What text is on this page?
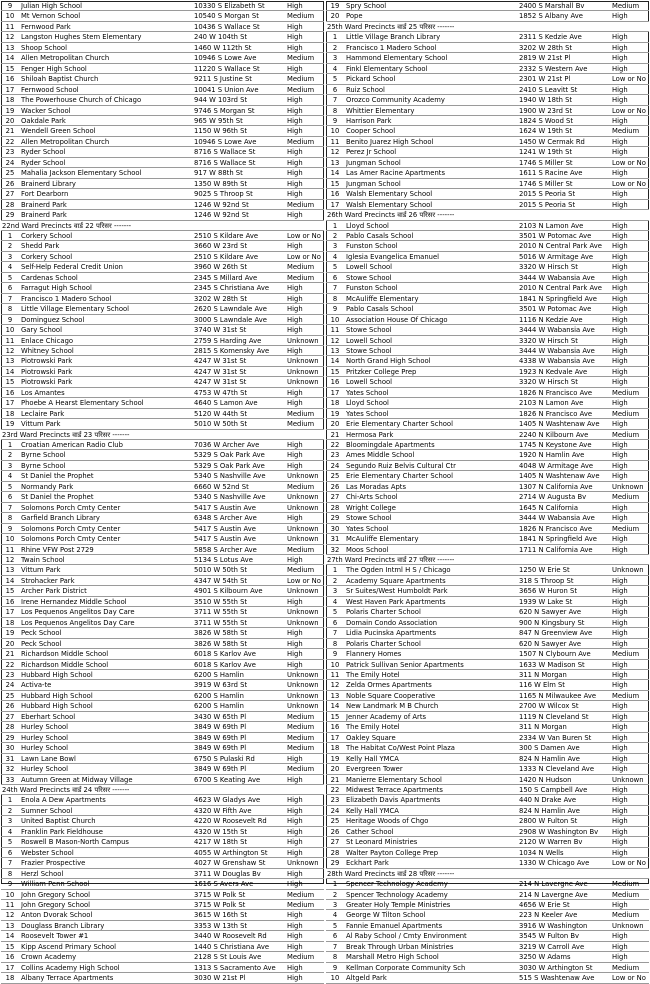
9	Julian High School	10330 S Elizabeth St	High
10 Mt Vernon School	10540 S Morgan St	Medium
11 Fernwood Park	10436 S Wallace St	High
12 Langston Hughes Stem Elementary	240 W 104th St	High
13 Shoop School	1460 W 112th St	High
14 Allen Metropolitan Church	10946 S Lowe Ave	Medium
15 Fenger High School	11220 S Wallace St	High
16 Shiloah Baptist Church	9211 S Justine St	Medium
17 Fernwood School	10041 S Union Ave	Medium
18 The Powerhouse Church of Chicago	944 W 103rd St	High
19 Wacker School	9746 S Morgan St	High
20 Oakdale Park	965 W 95th St	High
21 Wendell Green School	1150 W 96th St	High
22 Allen Metropolitan Church	10946 S Lowe Ave	Medium
23 Ryder School	8716 S Wallace St	High
24 Ryder School	8716 S Wallace St	High
25 Mahalia Jackson Elementary School	917 W 88th St	High
26 Brainerd Library	1350 W 89th St	High
27 Fort Dearborn	9025 S Throop St	High
28 Brainerd Park	1246 W 92nd St	Medium
29 Brainerd Park	1246 W 92nd St	High
22nd Ward Precincts वार्ड 22 परिसर -------
1	Corkery School	2510 S Kildare Ave	Low or No
2	Shedd Park	3660 W 23rd St	High
3	Corkery School	2510 S Kildare Ave	Low or No
4	Self-Help Federal Credit Union	3960 W 26th St	Medium
5	Cardenas School	2345 S Millard Ave	Medium
6	Farragut High School	2345 S Christiana Ave	High
7	Francisco 1 Madero School	3202 W 28th St	High
8	Little Village Elementary School	2620 S Lawndale Ave	High
9	Dominguez School	3000 S Lawndale Ave	High
10 Gary School	3740 W 31st St	High
11 Enlace Chicago	2759 S Harding Ave	Unknown
12 Whitney School	2815 S Komensky Ave	High
13 Piotrowski Park	4247 W 31st St	Unknown
14 Piotrowski Park	4247 W 31st St	Unknown
15 Piotrowski Park	4247 W 31st St	Unknown
16 Los Amantes	4753 W 47th St	High
17 Phoebe A Hearst Elementary School	4640 S Lamon Ave	High
18 Leclaire Park	5120 W 44th St	Medium
19 Vittum Park	5010 W 50th St	Medium
23rd Ward Precincts वार्ड 23 परिसर -------
1	Croatian American Radio Club	7036 W Archer Ave	High
2	Byrne School	5329 S Oak Park Ave	High
3	Byrne School	5329 S Oak Park Ave	High
4	St Daniel the Prophet	5340 S Nashville Ave	Unknown
5	Normandy Park	6660 W 52nd St	Medium
6	St Daniel the Prophet	5340 S Nashville Ave	Unknown
7	Solomons Porch Cmty Center	5417 S Austin Ave	Unknown
8	Garfield Branch Library	6348 S Archer Ave	High
9	Solomons Porch Cmty Center	5417 S Austin Ave	Unknown
10 Solomons Porch Cmty Center	5417 S Austin Ave	Unknown
11 Rhine VFW Post 2729	5858 S Archer Ave	Medium
12 Twain School	5134 S Lotus Ave	High
13 Vittum Park	5010 W 50th St	Medium
14 Strohacker Park	4347 W 54th St	Low or No
15 Archer Park District	4901 S Kilbourn Ave	Unknown
16 Irene Hernandez Middle School	3510 W 55th St	High
17 Los Pequenos Angelitos Day Care	3711 W 55th St	Unknown
18 Los Pequenos Angelitos Day Care	3711 W 55th St	Unknown
19 Peck School	3826 W 58th St	High
20 Peck School	3826 W 58th St	High
21 Richardson Middle School	6018 S Karlov Ave	High
22 Richardson Middle School	6018 S Karlov Ave	High
23 Hubbard High School	6200 S Hamlin	Unknown
24 Activa-te	3919 W 63rd St	Unknown
25 Hubbard High School	6200 S Hamlin	Unknown
26 Hubbard High School	6200 S Hamlin	Unknown
27 Eberhart School	3430 W 65th Pl	Medium
28 Hurley School	3849 W 69th Pl	Medium
29 Hurley School	3849 W 69th Pl	Medium
30 Hurley School	3849 W 69th Pl	Medium
31 Lawn Lane Bowl	6750 S Pulaski Rd	High
32 Hurley School	3849 W 69th Pl	Medium
33 Autumn Green at Midway Village	6700 S Keating Ave	High
24th Ward Precincts वार्ड 24 परिसर -------
1	Enola A Dew Apartments	4623 W Gladys Ave	High
2	Sumner School	4320 W Fifth Ave	High
3	United Baptist Church	4220 W Roosevelt Rd	High
4	Franklin Park Fieldhouse	4320 W 15th St	High
5	Roswell B Mason-North Campus	4217 W 18th St	High
6	Webster School	4055 W Arthington St	High
7	Frazier Prospective	4027 W Grenshaw St	Unknown
8	Herzl School	3711 W Douglas Bv	High
9	William Penn School	1616 S Avers Ave	High
10 John Gregory School	3715 W Polk St	Medium
11 John Gregory School	3715 W Polk St	Medium
12 Anton Dvorak School	3615 W 16th St	High
13 Douglass Branch Library	3353 W 13th St	High
14 Roosevelt Tower #1	3440 W Roosevelt Rd	High
15 Kipp Ascend Primary School	1440 S Christiana Ave	High
16 Crown Academy	2128 S St Louis Ave	Medium
17 Collins Academy High School	1313 S Sacramento Ave	High
18 Albany Terrace Apartments	3030 W 21st Pl	High
19 Spry School	2400 S Marshall Bv	Medium
20 Pope	1852 S Albany Ave	High
25th Ward Precincts वार्ड 25 परिसर -------
1	Little Village Branch Library	2311 S Kedzie Ave	High
2	Francisco 1 Madero School	3202 W 28th St	High
3	Hammond Elementary School	2819 W 21st Pl	High
4	Finkl Elementary School	2332 S Western Ave	High
5	Pickard School	2301 W 21st Pl	Low or No
6	Ruiz School	2410 S Leavitt St	High
7	Orozco Community Academy	1940 W 18th St	High
8	Whittier Elementary	1900 W 23rd St	Low or No
9	Harrison Park	1824 S Wood St	High
10 Cooper School	1624 W 19th St	Medium
11 Benito Juarez High School	1450 W Cermak Rd	High
12 Perez Jr School	1241 W 19th St	High
13 Jungman School	1746 S Miller St	Low or No
14 Las Amer Racine Apartments	1611 S Racine Ave	High
15 Jungman School	1746 S Miller St	Low or No
16 Walsh Elementary School	2015 S Peoria St	High
17 Walsh Elementary School	2015 S Peoria St	High
26th Ward Precincts वार्ड 26 परिसर -------
1	Lloyd School	2103 N Lamon Ave	High
2	Pablo Casals School	3501 W Potomac Ave	High
3	Funston School	2010 N Central Park Ave	High
4	Iglesia Evangelica Emanuel	5016 W Armitage Ave	High
5	Lowell School	3320 W Hirsch St	High
6	Stowe School	3444 W Wabansia Ave	High
7	Funston School	2010 N Central Park Ave	High
8	McAuliffe Elementary	1841 N Springfield Ave	High
9	Pablo Casals School	3501 W Potomac Ave	High
10 Association House Of Chicago	1116 N Kedzie Ave	High
11 Stowe School	3444 W Wabansia Ave	High
12 Lowell School	3320 W Hirsch St	High
13 Stowe School	3444 W Wabansia Ave	High
14 North Grand High School	4338 W Wabansia Ave	High
15 Pritzker College Prep	1923 N Kedvale Ave	High
16 Lowell School	3320 W Hirsch St	High
17 Yates School	1826 N Francisco Ave	Medium
18 Lloyd School	2103 N Lamon Ave	High
19 Yates School	1826 N Francisco Ave	Medium
20 Erie Elementary Charter School	1405 N Washtenaw Ave	High
21 Hermosa Park	2240 N Kilbourn Ave	Medium
22 Bloomingdale Apartments	1745 N Keystone Ave	High
23 Ames Middle School	1920 N Hamlin Ave	High
24 Segundo Ruiz Belvis Cultural Ctr	4048 W Armitage Ave	High
25 Erie Elementary Charter School	1405 N Washtenaw Ave	High
26 Las Moradas Apts	1307 N California Ave	Unknown
27 Chi-Arts School	2714 W Augusta Bv	Medium
28 Wright College	1645 N California	High
29 Stowe School	3444 W Wabansia Ave	High
30 Yates School	1826 N Francisco Ave	Medium
31 McAuliffe Elementary	1841 N Springfield Ave	High
32 Moos School	1711 N California Ave	High
27th Ward Precincts वार्ड 27 परिसर -------
1	The Ogden Intml H S / Chicago	1250 W Erie St	Unknown
2	Academy Square Apartments	318 S Throop St	High
3	Sr Suites/West Humboldt Park	3656 W Huron St	High
4	West Haven Park Apartments	1939 W Lake St	High
5	Polaris Charter School	620 N Sawyer Ave	High
6	Domain Condo Association	900 N Kingsbury St	High
7	Lidia Pucinska Apartments	847 N Greenview Ave	High
8	Polaris Charter School	620 N Sawyer Ave	High
9	Flannery Homes	1507 N Clybourn Ave	Medium
10 Patrick Sullivan Senior Apartments	1633 W Madison St	High
11 The Emily Hotel	311 N Morgan	High
12 Zelda Ormes Apartments	116 W Elm St	High
13 Noble Square Cooperative	1165 N Milwaukee Ave	Medium
14 New Landmark M B Church	2700 W Wilcox St	High
15 Jenner Academy of Arts	1119 N Cleveland St	High
16 The Emily Hotel	311 N Morgan	High
17 Oakley Square	2334 W Van Buren St	High
18 The Habitat Co/West Point Plaza	300 S Damen Ave	High
19 Kelly Hall YMCA	824 N Hamlin Ave	High
20 Evergreen Tower	1333 N Cleveland Ave	High
21 Manierre Elementary School	1420 N Hudson	Unknown
22 Midwest Terrace Apartments	150 S Campbell Ave	High
23 Elizabeth Davis Apartments	440 N Drake Ave	High
24 Kelly Hall YMCA	824 N Hamlin Ave	High
25 Heritage Woods of Chgo	2800 W Fulton St	High
26 Cather School	2908 W Washington Bv	High
27 St Leonard Ministries	2120 W Warren Bv	High
28 Walter Payton College Prep	1034 N Wells	High
29 Eckhart Park	1330 W Chicago Ave	Low or No
28th Ward Precincts वार्ड 28 परिसर -------
1	Spencer Technology Academy	214 N Lavergne Ave	Medium
2	Spencer Technology Academy	214 N Lavergne Ave	Medium
3	Greater Holy Temple Ministries	4656 W Erie St	High
4	George W Tilton School	223 N Keeler Ave	Medium
5	Fannie Emanuel Apartments	3916 W Washington	Unknown
6	Al Raby School / Cmty Environment	3545 W Fulton Bv	High
7	Break Through Urban Ministries	3219 W Carroll Ave	High
8	Marshall Metro High School	3250 W Adams	High
9	Kellman Corporate Community Sch	3030 W Arthington St	Medium
10 Altgeld Park	515 S Washtenaw Ave	Low or No
